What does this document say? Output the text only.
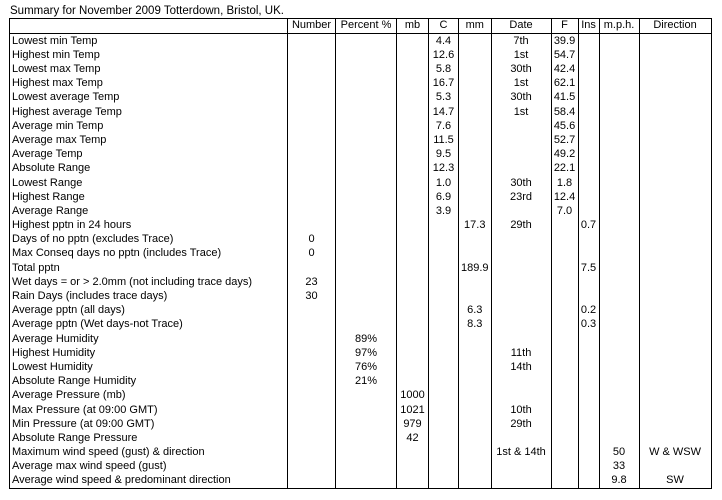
Summary for November 2009 Totterdown, Bristol, UK.
	Number	Percent %	mb	C	mm	Date	F	Ins	m.p.h.	Direction
Lowest min Temp				4.4		7th	39.9			
Highest min Temp				12.6		1st	54.7			
Lowest max Temp				5.8		30th	42.4			
Highest max Temp				16.7		1st	62.1			
Lowest average Temp				5.3		30th	41.5			
Highest average Temp				14.7		1st	58.4			
Average min Temp				7.6			45.6			
Average max Temp				11.5			52.7			
Average Temp				9.5			49.2			
Absolute Range				12.3			22.1			
Lowest Range				1.0		30th	1.8			
Highest Range				6.9		23rd	12.4			
Average Range				3.9			7.0			
Highest pptn in 24 hours					17.3	29th		0.7		
Days of no pptn (excludes Trace)	0									
Max Conseq days no pptn (includes Trace)	0									
Total pptn					189.9			7.5		
Wet days = or > 2.0mm (not including trace days)	23									
Rain Days (includes trace days)	30									
Average pptn (all days)					6.3			0.2		
Average pptn (Wet days-not Trace)					8.3			0.3		
Average Humidity		89%								
Highest Humidity		97%				11th				
Lowest Humidity		76%				14th				
Absolute Range Humidity		21%								
Average Pressure (mb)			1000							
Max Pressure (at 09:00 GMT)			1021			10th				
Min Pressure (at 09:00 GMT)			979			29th				
Absolute Range Pressure			42							
Maximum wind speed (gust) & direction						1st & 14th			50	W & WSW
Average max wind speed (gust)									33	
Average wind speed & predominant direction									9.8	SW
